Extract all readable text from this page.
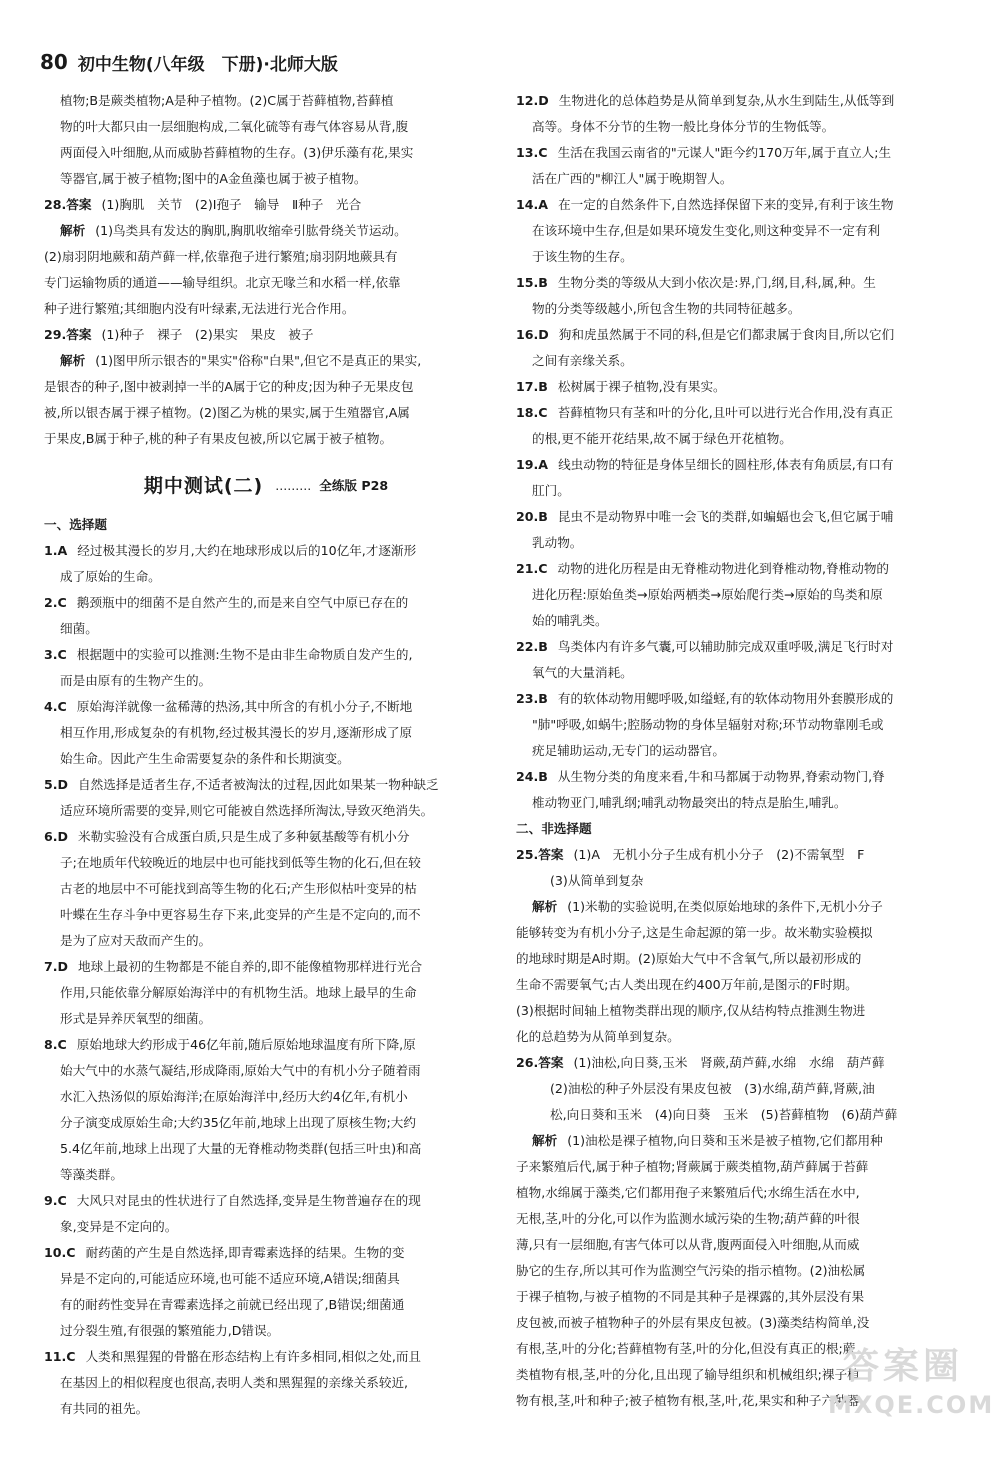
80 初中生物(八年级　下册)·北师大版
植物;B是蕨类植物;A是种子植物。(2)C属于苔藓植物,苔藓植
物的叶大都只由一层细胞构成,二氧化硫等有毒气体容易从背,腹
两面侵入叶细胞,从而威胁苔藓植物的生存。(3)伊乐藻有花,果实
等器官,属于被子植物;图中的A金鱼藻也属于被子植物。
28.答案 (1)胸肌　关节　(2)Ⅰ孢子　输导　Ⅱ种子　光合
解析 (1)鸟类具有发达的胸肌,胸肌收缩牵引肱骨绕关节运动。
(2)扇羽阴地蕨和葫芦藓一样,依靠孢子进行繁殖;扇羽阴地蕨具有
专门运输物质的通道——输导组织。北京无喙兰和水稻一样,依靠
种子进行繁殖;其细胞内没有叶绿素,无法进行光合作用。
29.答案 (1)种子　裸子　(2)果实　果皮　被子
解析 (1)图甲所示银杏的"果实"俗称"白果",但它不是真正的果实,
是银杏的种子,图中被剥掉一半的A属于它的种皮;因为种子无果皮包
被,所以银杏属于裸子植物。(2)图乙为桃的果实,属于生殖器官,A属
于果皮,B属于种子,桃的种子有果皮包被,所以它属于被子植物。
期中测试(二) ……… 全练版 P28
一、选择题
1.A 经过极其漫长的岁月,大约在地球形成以后的10亿年,才逐渐形
成了原始的生命。
2.C 鹅颈瓶中的细菌不是自然产生的,而是来自空气中原已存在的
细菌。
3.C 根据题中的实验可以推测:生物不是由非生命物质自发产生的,
而是由原有的生物产生的。
4.C 原始海洋就像一盆稀薄的热汤,其中所含的有机小分子,不断地
相互作用,形成复杂的有机物,经过极其漫长的岁月,逐渐形成了原
始生命。因此产生生命需要复杂的条件和长期演变。
5.D 自然选择是适者生存,不适者被淘汰的过程,因此如果某一物种缺乏
适应环境所需要的变异,则它可能被自然选择所淘汰,导致灭绝消失。
6.D 米勒实验没有合成蛋白质,只是生成了多种氨基酸等有机小分
子;在地质年代较晚近的地层中也可能找到低等生物的化石,但在较
古老的地层中不可能找到高等生物的化石;产生形似枯叶变异的枯
叶蝶在生存斗争中更容易生存下来,此变异的产生是不定向的,而不
是为了应对天敌而产生的。
7.D 地球上最初的生物都是不能自养的,即不能像植物那样进行光合
作用,只能依靠分解原始海洋中的有机物生活。地球上最早的生命
形式是异养厌氧型的细菌。
8.C 原始地球大约形成于46亿年前,随后原始地球温度有所下降,原
始大气中的水蒸气凝结,形成降雨,原始大气中的有机小分子随着雨
水汇入热汤似的原始海洋;在原始海洋中,经历大约4亿年,有机小
分子演变成原始生命;大约35亿年前,地球上出现了原核生物;大约
5.4亿年前,地球上出现了大量的无脊椎动物类群(包括三叶虫)和高
等藻类群。
9.C 大风只对昆虫的性状进行了自然选择,变异是生物普遍存在的现
象,变异是不定向的。
10.C 耐药菌的产生是自然选择,即青霉素选择的结果。生物的变
异是不定向的,可能适应环境,也可能不适应环境,A错误;细菌具
有的耐药性变异在青霉素选择之前就已经出现了,B错误;细菌通
过分裂生殖,有很强的繁殖能力,D错误。
11.C 人类和黑猩猩的骨骼在形态结构上有许多相同,相似之处,而且
在基因上的相似程度也很高,表明人类和黑猩猩的亲缘关系较近,
有共同的祖先。
12.D 生物进化的总体趋势是从简单到复杂,从水生到陆生,从低等到
高等。身体不分节的生物一般比身体分节的生物低等。
13.C 生活在我国云南省的"元谋人"距今约170万年,属于直立人;生
活在广西的"柳江人"属于晚期智人。
14.A 在一定的自然条件下,自然选择保留下来的变异,有利于该生物
在该环境中生存,但是如果环境发生变化,则这种变异不一定有利
于该生物的生存。
15.B 生物分类的等级从大到小依次是:界,门,纲,目,科,属,种。生
物的分类等级越小,所包含生物的共同特征越多。
16.D 狗和虎虽然属于不同的科,但是它们都隶属于食肉目,所以它们
之间有亲缘关系。
17.B 松树属于裸子植物,没有果实。
18.C 苔藓植物只有茎和叶的分化,且叶可以进行光合作用,没有真正
的根,更不能开花结果,故不属于绿色开花植物。
19.A 线虫动物的特征是身体呈细长的圆柱形,体表有角质层,有口有
肛门。
20.B 昆虫不是动物界中唯一会飞的类群,如蝙蝠也会飞,但它属于哺
乳动物。
21.C 动物的进化历程是由无脊椎动物进化到脊椎动物,脊椎动物的
进化历程:原始鱼类→原始两栖类→原始爬行类→原始的鸟类和原
始的哺乳类。
22.B 鸟类体内有许多气囊,可以辅助肺完成双重呼吸,满足飞行时对
氧气的大量消耗。
23.B 有的软体动物用鳃呼吸,如缢蛏,有的软体动物用外套膜形成的
"肺"呼吸,如蜗牛;腔肠动物的身体呈辐射对称;环节动物靠刚毛或
疣足辅助运动,无专门的运动器官。
24.B 从生物分类的角度来看,牛和马都属于动物界,脊索动物门,脊
椎动物亚门,哺乳纲;哺乳动物最突出的特点是胎生,哺乳。
二、非选择题
25.答案 (1)A　无机小分子生成有机小分子　(2)不需氧型　F
(3)从简单到复杂
解析 (1)米勒的实验说明,在类似原始地球的条件下,无机小分子
能够转变为有机小分子,这是生命起源的第一步。故米勒实验模拟
的地球时期是A时期。(2)原始大气中不含氧气,所以最初形成的
生命不需要氧气;古人类出现在约400万年前,是图示的F时期。
(3)根据时间轴上植物类群出现的顺序,仅从结构特点推测生物进
化的总趋势为从简单到复杂。
26.答案 (1)油松,向日葵,玉米　肾蕨,葫芦藓,水绵　水绵　葫芦藓
(2)油松的种子外层没有果皮包被　(3)水绵,葫芦藓,肾蕨,油
松,向日葵和玉米　(4)向日葵　玉米　(5)苔藓植物　(6)葫芦藓
解析 (1)油松是裸子植物,向日葵和玉米是被子植物,它们都用种
子来繁殖后代,属于种子植物;肾蕨属于蕨类植物,葫芦藓属于苔藓
植物,水绵属于藻类,它们都用孢子来繁殖后代;水绵生活在水中,
无根,茎,叶的分化,可以作为监测水域污染的生物;葫芦藓的叶很
薄,只有一层细胞,有害气体可以从背,腹两面侵入叶细胞,从而威
胁它的生存,所以其可作为监测空气污染的指示植物。(2)油松属
于裸子植物,与被子植物的不同是其种子是裸露的,其外层没有果
皮包被,而被子植物种子的外层有果皮包被。(3)藻类结构简单,没
有根,茎,叶的分化;苔藓植物有茎,叶的分化,但没有真正的根;蕨
类植物有根,茎,叶的分化,且出现了输导组织和机械组织;裸子植
物有根,茎,叶和种子;被子植物有根,茎,叶,花,果实和种子六种器
答案圈
MXQE.COM
